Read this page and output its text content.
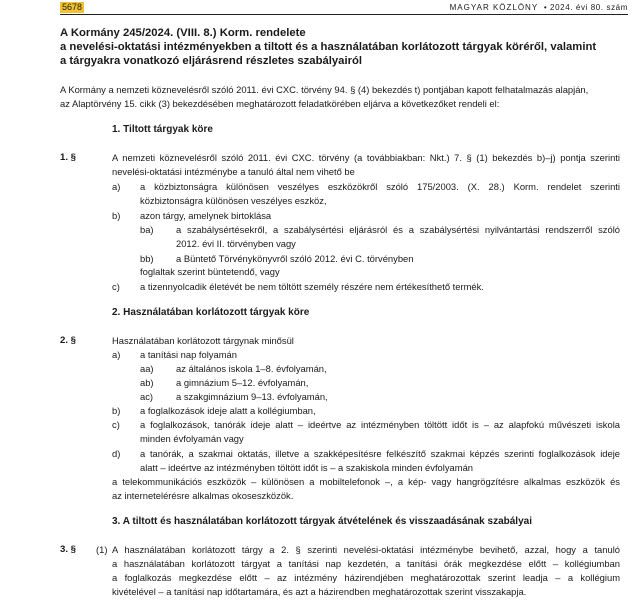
5678	MAGYAR KÖZLÖNY • 2024. évi 80. szám
A Kormány 245/2024. (VIII. 8.) Korm. rendelete
a nevelési-oktatási intézményekben a tiltott és a használatában korlátozott tárgyak köréről, valamint
a tárgyakra vonatkozó eljárásrend részletes szabályairól
A Kormány a nemzeti köznevelésről szóló 2011. évi CXC. törvény 94. § (4) bekezdés t) pontjában kapott felhatalmazás alapján,
az Alaptörvény 15. cikk (3) bekezdésében meghatározott feladatkörében eljárva a következőket rendeli el:
1. Tiltott tárgyak köre
1. §	A nemzeti köznevelésről szóló 2011. évi CXC. törvény (a továbbiakban: Nkt.) 7. § (1) bekezdés b)–j) pontja szerinti
nevelési-oktatási intézménybe a tanuló által nem vihető be
a) a közbiztonságra különösen veszélyes eszközökről szóló 175/2003. (X. 28.) Korm. rendelet szerinti
közbiztonságra különösen veszélyes eszköz,
b) azon tárgy, amelynek birtoklása
ba) a szabálysértésekről, a szabálysértési eljárásról és a szabálysértési nyilvántartási rendszerről szóló
2012. évi II. törvényben vagy
bb) a Büntető Törvénykönyvről szóló 2012. évi C. törvényben
foglaltak szerint büntetendő, vagy
c) a tizennyolcadik életévét be nem töltött személy részére nem értékesíthető termék.
2. Használatában korlátozott tárgyak köre
2. §	Használatában korlátozott tárgynak minősül
a) a tanítási nap folyamán
aa) az általános iskola 1–8. évfolyamán,
ab) a gimnázium 5–12. évfolyamán,
ac) a szakgimnázium 9–13. évfolyamán,
b) a foglalkozások ideje alatt a kollégiumban,
c) a foglalkozások, tanórák ideje alatt – ideértve az intézményben töltött időt is – az alapfokú művészeti iskola
minden évfolyamán vagy
d) a tanórák, a szakmai oktatás, illetve a szakképesítésre felkészítő szakmai képzés szerinti foglalkozások ideje
alatt – ideértve az intézményben töltött időt is – a szakiskola minden évfolyamán
a telekommunikációs eszközök – különösen a mobiltelefonok –, a kép- vagy hangrögzítésre alkalmas eszközök és
az internetelérésre alkalmas okoseszközök.
3. A tiltott és használatában korlátozott tárgyak átvételének és visszaadásának szabályai
3. § (1) A használatában korlátozott tárgy a 2. § szerinti nevelési-oktatási intézménybe bevihető, azzal, hogy a tanuló
a használatában korlátozott tárgyat a tanítási nap kezdetén, a tanítási órák megkezdése előtt – kollégiumban
a foglalkozás megkezdése előtt – az intézmény házirendjében meghatározottak szerint leadja – a kollégium
kivételével – a tanítási nap időtartamára, és azt a házirendben meghatározottak szerint visszakapja.
